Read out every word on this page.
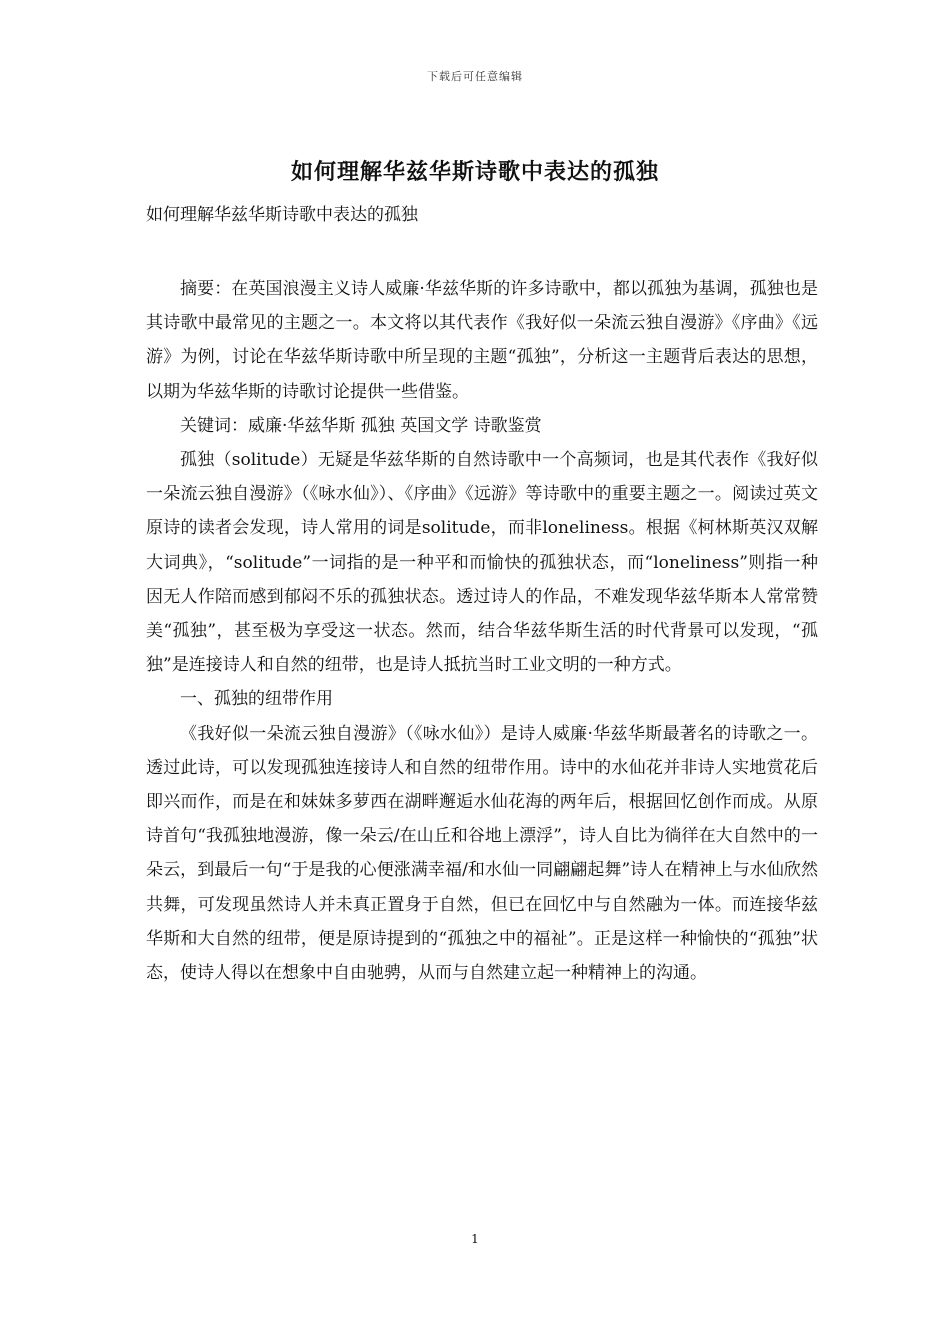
下载后可任意编辑
如何理解华兹华斯诗歌中表达的孤独
如何理解华兹华斯诗歌中表达的孤独

摘要：在英国浪漫主义诗人威廉·华兹华斯的许多诗歌中，都以孤独为基调，孤独也是其诗歌中最常见的主题之一。本文将以其代表作《我好似一朵流云独自漫游》《序曲》《远游》为例，讨论在华兹华斯诗歌中所呈现的主题“孤独”，分析这一主题背后表达的思想，以期为华兹华斯的诗歌讨论提供一些借鉴。

关键词：威廉·华兹华斯 孤独 英国文学 诗歌鉴赏

孤独（solitude）无疑是华兹华斯的自然诗歌中一个高频词，也是其代表作《我好似一朵流云独自漫游》（《咏水仙》）、《序曲》《远游》等诗歌中的重要主题之一。阅读过英文原诗的读者会发现，诗人常用的词是solitude，而非loneliness。根据《柯林斯英汉双解大词典》，“solitude”一词指的是一种平和而愉快的孤独状态，而“loneliness”则指一种因无人作陪而感到郁闷不乐的孤独状态。透过诗人的作品，不难发现华兹华斯本人常常赞美“孤独”，甚至极为享受这一状态。然而，结合华兹华斯生活的时代背景可以发现，“孤独”是连接诗人和自然的纽带，也是诗人抵抗当时工业文明的一种方式。

一、孤独的纽带作用

《我好似一朵流云独自漫游》（《咏水仙》）是诗人威廉·华兹华斯最著名的诗歌之一。透过此诗，可以发现孤独连接诗人和自然的纽带作用。诗中的水仙花并非诗人实地赏花后即兴而作，而是在和妹妹多萝西在湖畔邂逅水仙花海的两年后，根据回忆创作而成。从原诗首句“我孤独地漫游，像一朵云/在山丘和谷地上漂浮”，诗人自比为徜徉在大自然中的一朵云，到最后一句“于是我的心便涨满幸福/和水仙一同翩翩起舞”诗人在精神上与水仙欣然共舞，可发现虽然诗人并未真正置身于自然，但已在回忆中与自然融为一体。而连接华兹华斯和大自然的纽带，便是原诗提到的“孤独之中的福祉”。正是这样一种愉快的“孤独”状态，使诗人得以在想象中自由驰骋，从而与自然建立起一种精神上的沟通。

1
